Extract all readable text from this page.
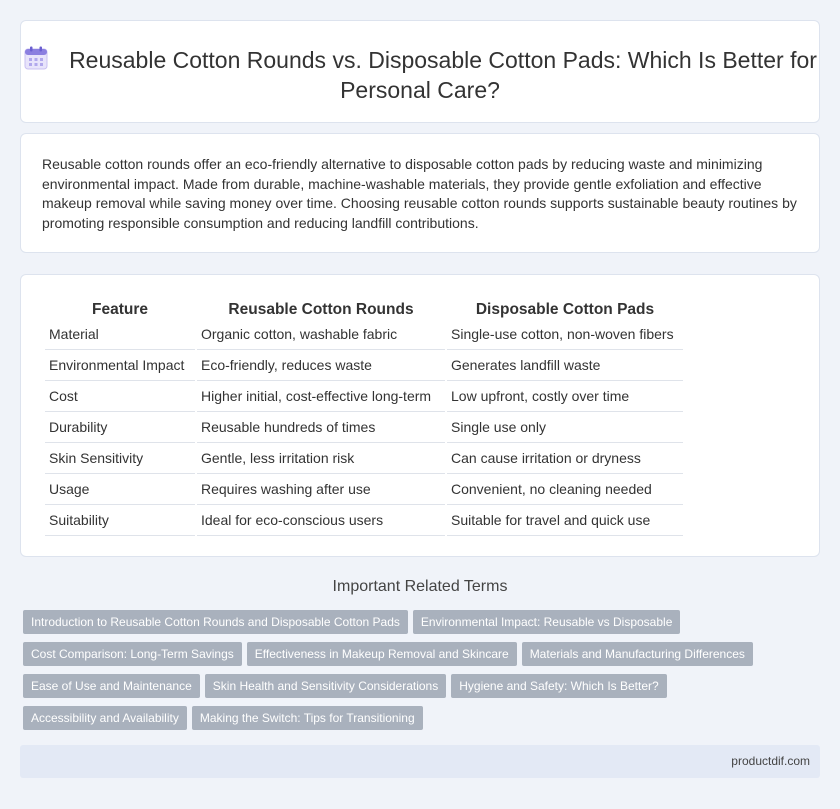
Reusable Cotton Rounds vs. Disposable Cotton Pads: Which Is Better for Personal Care?

Reusable cotton rounds offer an eco-friendly alternative to disposable cotton pads by reducing waste and minimizing environmental impact. Made from durable, machine-washable materials, they provide gentle exfoliation and effective makeup removal while saving money over time. Choosing reusable cotton rounds supports sustainable beauty routines by promoting responsible consumption and reducing landfill contributions.

Feature	Reusable Cotton Rounds	Disposable Cotton Pads
Material	Organic cotton, washable fabric	Single-use cotton, non-woven fibers
Environmental Impact	Eco-friendly, reduces waste	Generates landfill waste
Cost	Higher initial, cost-effective long-term	Low upfront, costly over time
Durability	Reusable hundreds of times	Single use only
Skin Sensitivity	Gentle, less irritation risk	Can cause irritation or dryness
Usage	Requires washing after use	Convenient, no cleaning needed
Suitability	Ideal for eco-conscious users	Suitable for travel and quick use
Important Related Terms
Introduction to Reusable Cotton Rounds and Disposable Cotton Pads Environmental Impact: Reusable vs Disposable
Cost Comparison: Long-Term Savings Effectiveness in Makeup Removal and Skincare Materials and Manufacturing Differences
Ease of Use and Maintenance Skin Health and Sensitivity Considerations Hygiene and Safety: Which Is Better?
Accessibility and Availability Making the Switch: Tips for Transitioning
productdif.com
